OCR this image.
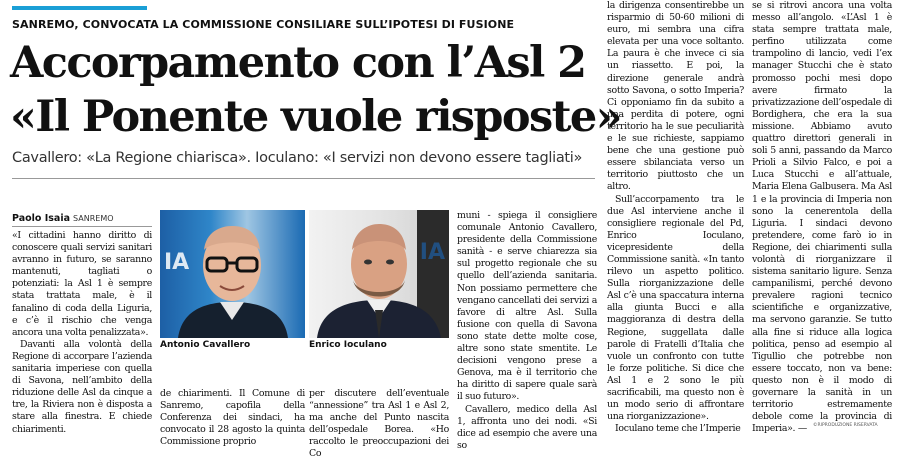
SANREMO, CONVOCATA LA COMMISSIONE CONSILIARE SULL’IPOTESI DI FUSIONE
Accorpamento con l’Asl 2
«Il Ponente vuole risposte»
Cavallero: «La Regione chiarisca». Ioculano: «I servizi non devono essere tagliati»
Paolo Isaia SANREMO

«I cittadini hanno diritto di conoscere quali servizi sanitari avranno in futuro, se saranno mantenuti, tagliati o potenziati: la Asl 1 è sempre stata trattata male, è il fanalino di coda della Liguria, e c’è il rischio che venga ancora una volta penalizzata».

Davanti alla volontà della Regione di accorpare l’azienda sanitaria imperiese con quella di Savona, nell’ambito della riduzione delle Asl da cinque a tre, la Riviera non è disposta a stare alla finestra. E chiede chiarimenti.

IA
Antonio Cavallero
IA
Enrico Ioculano

de chiarimenti. Il Comune di Sanremo, capofila della Conferenza dei sindaci, ha convocato il 28 agosto la quinta Commissione proprio

per discutere dell’eventuale “annessione” tra Asl 1 e Asl 2, ma anche del Punto nascita dell’ospedale Borea. «Ho raccolto le preoccupazioni dei Co

muni - spiega il consigliere comunale Antonio Cavallero, presidente della Commissione sanità - e serve chiarezza sia sul progetto regionale che su quello dell’azienda sanitaria. Non possiamo permettere che vengano cancellati dei servizi a favore di altre Asl. Sulla fusione con quella di Savona sono state dette molte cose, altre sono state smentite. Le decisioni vengono prese a Genova, ma è il territorio che ha diritto di sapere quale sarà il suo futuro».

Cavallero, medico della Asl 1, affronta uno dei nodi. «Si dice ad esempio che avere una so

la dirigenza consentirebbe un risparmio di 50-60 milioni di euro, mi sembra una cifra elevata per una voce soltanto. La paura è che invece ci sia un riassetto. E poi, la direzione generale andrà sotto Savona, o sotto Imperia? Ci opponiamo fin da subito a una perdita di potere, ogni territorio ha le sue peculiarità e le sue richieste, sappiamo bene che una gestione può essere sbilanciata verso un territorio piuttosto che un altro.

Sull’accorpamento tra le due Asl interviene anche il consigliere regionale del Pd, Enrico Ioculano, vicepresidente della Commissione sanità. «In tanto rilevo un aspetto politico. Sulla riorganizzazione delle Asl c’è una spaccatura interna alla giunta Bucci e alla maggioranza di destra della Regione, suggellata dalle parole di Fratelli d’Italia che vuole un confronto con tutte le forze politiche. Si dice che Asl 1 e 2 sono le più sacrificabili, ma questo non è un modo serio di affrontare una riorganizzazione».

Ioculano teme che l’Imperie

se si ritrovi ancora una volta messo all’angolo. «L’Asl 1 è stata sempre trattata male, perfino utilizzata come trampolino di lancio, vedi l’ex manager Stucchi che è stato promosso pochi mesi dopo avere firmato la privatizzazione dell’ospedale di Bordighera, che era la sua missione. Abbiamo avuto quattro direttori generali in soli 5 anni, passando da Marco Prioli a Silvio Falco, e poi a Luca Stucchi e all’attuale, Maria Elena Galbusera. Ma Asl 1 e la provincia di Imperia non sono la cenerentola della Liguria. I sindaci devono pretendere, come farò io in Regione, dei chiarimenti sulla volontà di riorganizzare il sistema sanitario ligure. Senza campanilismi, perché devono prevalere ragioni tecnico scientifiche e organizzative, ma servono garanzie. Se tutto alla fine si riduce alla logica politica, penso ad esempio al Tigullio che potrebbe non essere toccato, non va bene: questo non è il modo di governare la sanità in un territorio estremamente debole come la provincia di Imperia». —	©RIPRODUZIONE RISERVATA
